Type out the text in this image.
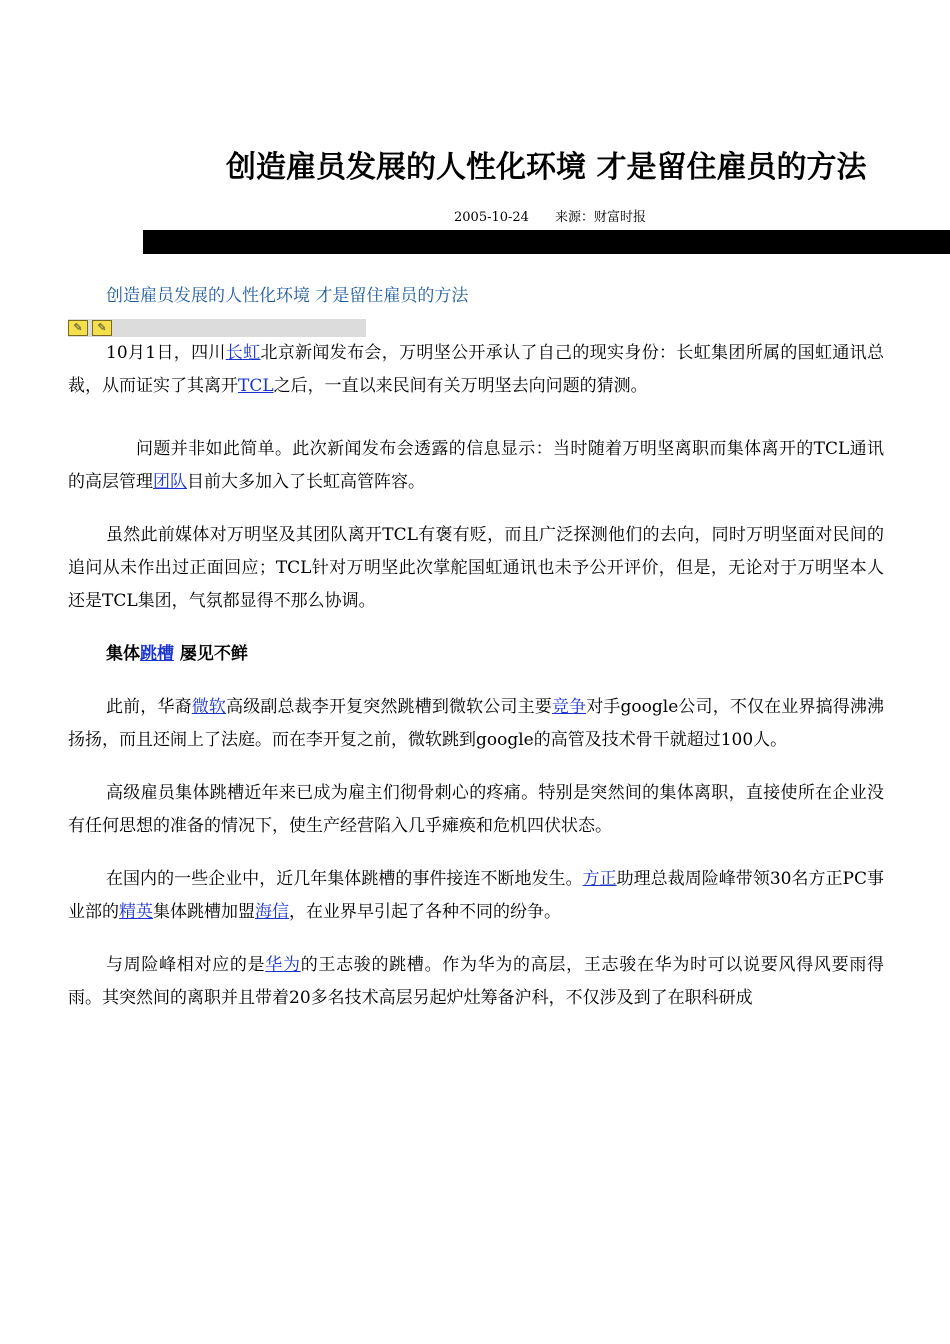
创造雇员发展的人性化环境 才是留住雇员的方法
2005-10-24 来源：财富时报
创造雇员发展的人性化环境 才是留住雇员的方法
✎	✎

10月1日，四川长虹北京新闻发布会，万明坚公开承认了自己的现实身份：长虹集团所属的国虹通讯总裁，从而证实了其离开TCL之后，一直以来民间有关万明坚去向问题的猜测。

问题并非如此简单。此次新闻发布会透露的信息显示：当时随着万明坚离职而集体离开的TCL通讯的高层管理团队目前大多加入了长虹高管阵容。

虽然此前媒体对万明坚及其团队离开TCL有褒有贬，而且广泛探测他们的去向，同时万明坚面对民间的追问从未作出过正面回应；TCL针对万明坚此次掌舵国虹通讯也未予公开评价，但是，无论对于万明坚本人还是TCL集团，气氛都显得不那么协调。

集体跳槽 屡见不鲜

此前，华裔微软高级副总裁李开复突然跳槽到微软公司主要竞争对手google公司，不仅在业界搞得沸沸扬扬，而且还闹上了法庭。而在李开复之前，微软跳到google的高管及技术骨干就超过100人。

高级雇员集体跳槽近年来已成为雇主们彻骨刺心的疼痛。特别是突然间的集体离职，直接使所在企业没有任何思想的准备的情况下，使生产经营陷入几乎瘫痪和危机四伏状态。

在国内的一些企业中，近几年集体跳槽的事件接连不断地发生。方正助理总裁周险峰带领30名方正PC事业部的精英集体跳槽加盟海信，在业界早引起了各种不同的纷争。

与周险峰相对应的是华为的王志骏的跳槽。作为华为的高层，王志骏在华为时可以说要风得风要雨得雨。其突然间的离职并且带着20多名技术高层另起炉灶筹备沪科，不仅涉及到了在职科研成
